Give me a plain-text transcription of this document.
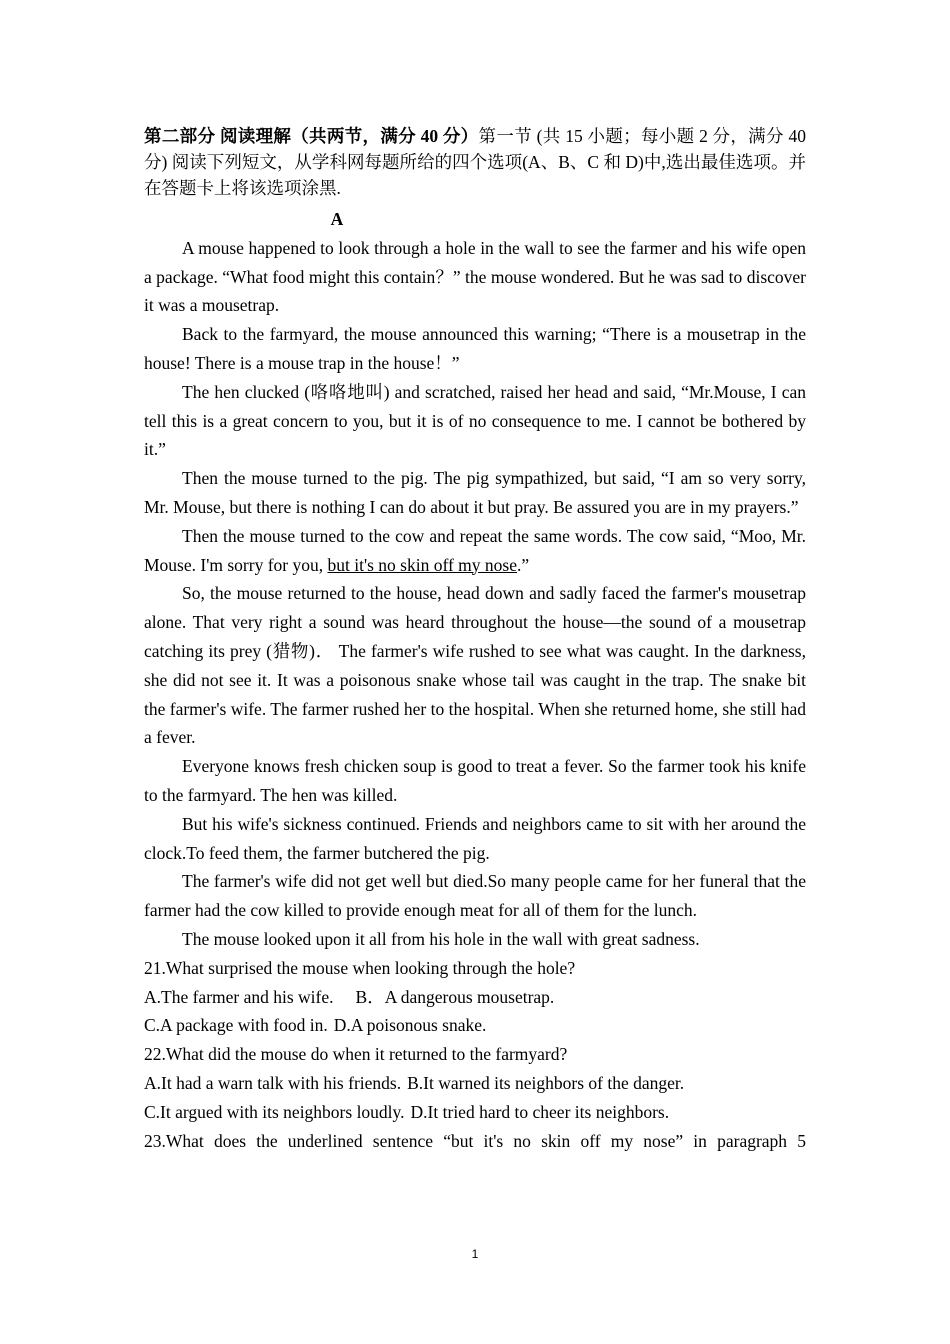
第二部分 阅读理解（共两节，满分 40 分）第一节 (共 15 小题；每小题 2 分，满分 40 分) 阅读下列短文，从学科网每题所给的四个选项(A、B、C 和 D)中,选出最佳选项。并在答题卡上将该选项涂黑.

A

A mouse happened to look through a hole in the wall to see the farmer and his wife open a package. “What food might this contain？” the mouse wondered. But he was sad to discover it was a mousetrap.

Back to the farmyard, the mouse announced this warning; “There is a mousetrap in the house! There is a mouse trap in the house！”

The hen clucked (咯咯地叫) and scratched, raised her head and said, “Mr.Mouse, I can tell this is a great concern to you, but it is of no consequence to me. I cannot be bothered by it.”

Then the mouse turned to the pig. The pig sympathized, but said, “I am so very sorry, Mr. Mouse, but there is nothing I can do about it but pray. Be assured you are in my prayers.”

Then the mouse turned to the cow and repeat the same words. The cow said, “Moo, Mr. Mouse. I'm sorry for you, but it's no skin off my nose.”

So, the mouse returned to the house, head down and sadly faced the farmer's mousetrap alone. That very right a sound was heard throughout the house—the sound of a mousetrap catching its prey (猎物)． The farmer's wife rushed to see what was caught. In the darkness, she did not see it. It was a poisonous snake whose tail was caught in the trap. The snake bit the farmer's wife. The farmer rushed her to the hospital. When she returned home, she still had a fever.

Everyone knows fresh chicken soup is good to treat a fever. So the farmer took his knife to the farmyard. The hen was killed.

But his wife's sickness continued. Friends and neighbors came to sit with her around the clock.To feed them, the farmer butchered the pig.

The farmer's wife did not get well but died.So many people came for her funeral that the farmer had the cow killed to provide enough meat for all of them for the lunch.

The mouse looked upon it all from his hole in the wall with great sadness.

21.What surprised the mouse when looking through the hole?

A.The farmer and his wife. B．A dangerous mousetrap.

C.A package with food in. D.A poisonous snake.

22.What did the mouse do when it returned to the farmyard?

A.It had a warn talk with his friends. B.It warned its neighbors of the danger.

C.It argued with its neighbors loudly. D.It tried hard to cheer its neighbors.

23.What does the underlined sentence “but it's no skin off my nose” in paragraph 5

1
